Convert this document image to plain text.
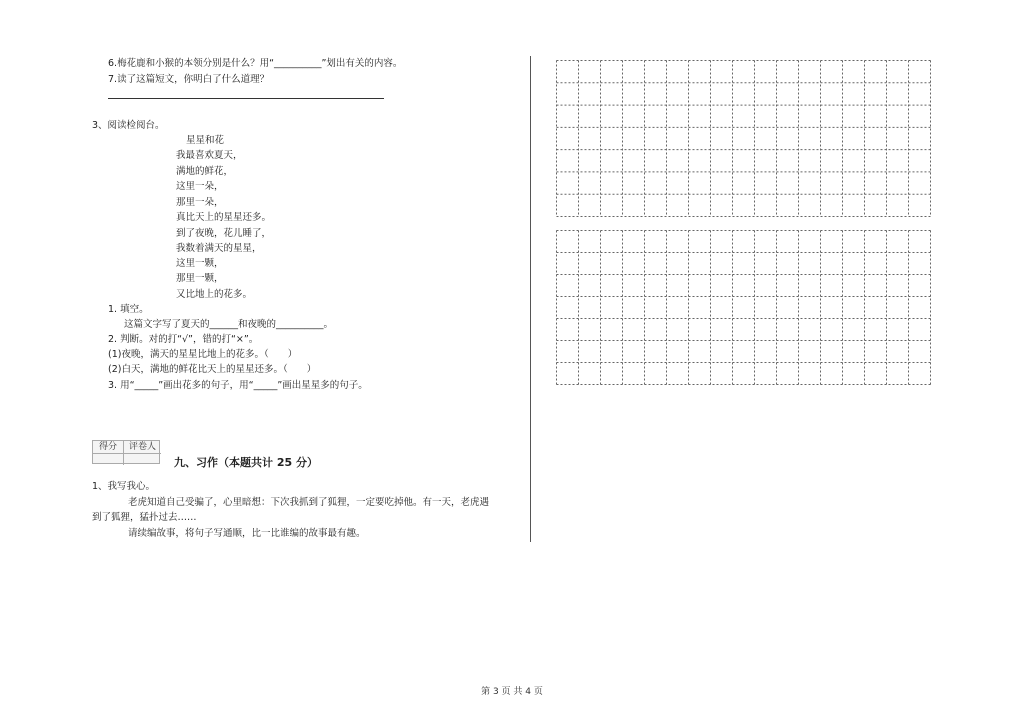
6.梅花鹿和小猴的本领分别是什么？用“__________”划出有关的内容。
7.读了这篇短文，你明白了什么道理？
3、阅读检阅台。
星星和花
我最喜欢夏天，
满地的鲜花，
这里一朵，
那里一朵，
真比天上的星星还多。
到了夜晚，花儿睡了，
我数着满天的星星，
这里一颗，
那里一颗，
又比地上的花多。
1. 填空。
这篇文字写了夏天的______和夜晚的__________。
2. 判断。对的打“√”，错的打“×”。
(1)夜晚，满天的星星比地上的花多。（　　）
(2)白天，满地的鲜花比天上的星星还多。（　　）
3. 用“_____”画出花多的句子，用“_____”画出星星多的句子。
得分	评卷人
九、习作（本题共计 25 分）
1、我写我心。
老虎知道自己受骗了，心里暗想：下次我抓到了狐狸，一定要吃掉他。有一天，老虎遇
到了狐狸，猛扑过去……
请续编故事，将句子写通顺，比一比谁编的故事最有趣。
第 3 页 共 4 页
